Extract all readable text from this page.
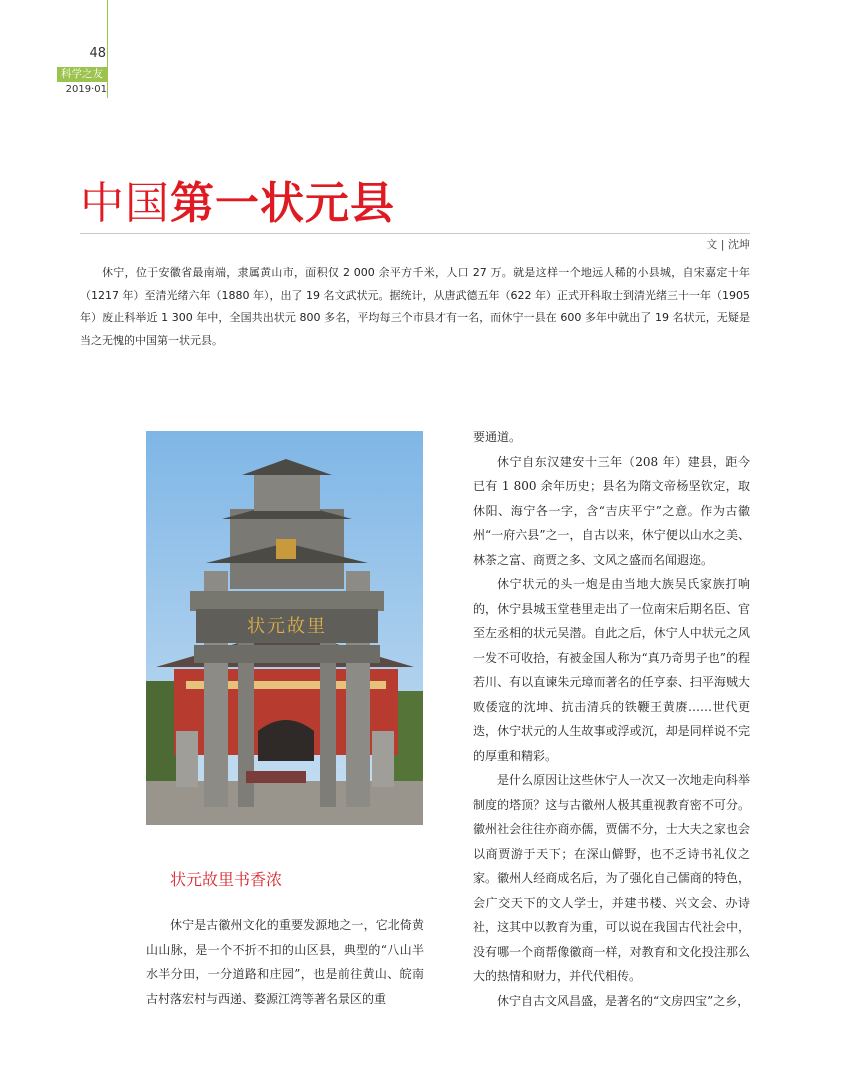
48
科学之友
2019·01
中国第一状元县
文 | 沈坤

休宁，位于安徽省最南端，隶属黄山市，面积仅 2 000 余平方千米，人口 27 万。就是这样一个地远人稀的小县城，自宋嘉定十年（1217 年）至清光绪六年（1880 年），出了 19 名文武状元。据统计，从唐武德五年（622 年）正式开科取士到清光绪三十一年（1905 年）废止科举近 1 300 年中，全国共出状元 800 多名，平均每三个市县才有一名，而休宁一县在 600 多年中就出了 19 名状元，无疑是当之无愧的中国第一状元县。

状元故里
状元故里书香浓

休宁是古徽州文化的重要发源地之一，它北倚黄山山脉，是一个不折不扣的山区县，典型的“八山半水半分田，一分道路和庄园”，也是前往黄山、皖南古村落宏村与西递、婺源江湾等著名景区的重

要通道。

休宁自东汉建安十三年（208 年）建县，距今已有 1 800 余年历史；县名为隋文帝杨坚钦定，取休阳、海宁各一字，含“吉庆平宁”之意。作为古徽州“一府六县”之一，自古以来，休宁便以山水之美、林茶之富、商贾之多、文风之盛而名闻遐迩。

休宁状元的头一炮是由当地大族吴氏家族打响的，休宁县城玉堂巷里走出了一位南宋后期名臣、官至左丞相的状元吴潜。自此之后，休宁人中状元之风一发不可收拾，有被金国人称为“真乃奇男子也”的程若川、有以直谏朱元璋而著名的任亨泰、扫平海贼大败倭寇的沈坤、抗击清兵的铁鞭王黄赓……世代更迭，休宁状元的人生故事或浮或沉，却是同样说不完的厚重和精彩。

是什么原因让这些休宁人一次又一次地走向科举制度的塔顶？这与古徽州人极其重视教育密不可分。徽州社会往往亦商亦儒，贾儒不分，士大夫之家也会以商贾游于天下；在深山僻野，也不乏诗书礼仪之家。徽州人经商成名后，为了强化自己儒商的特色，会广交天下的文人学士，并建书楼、兴文会、办诗社，这其中以教育为重，可以说在我国古代社会中，没有哪一个商帮像徽商一样，对教育和文化投注那么大的热情和财力，并代代相传。

休宁自古文风昌盛，是著名的“文房四宝”之乡，
